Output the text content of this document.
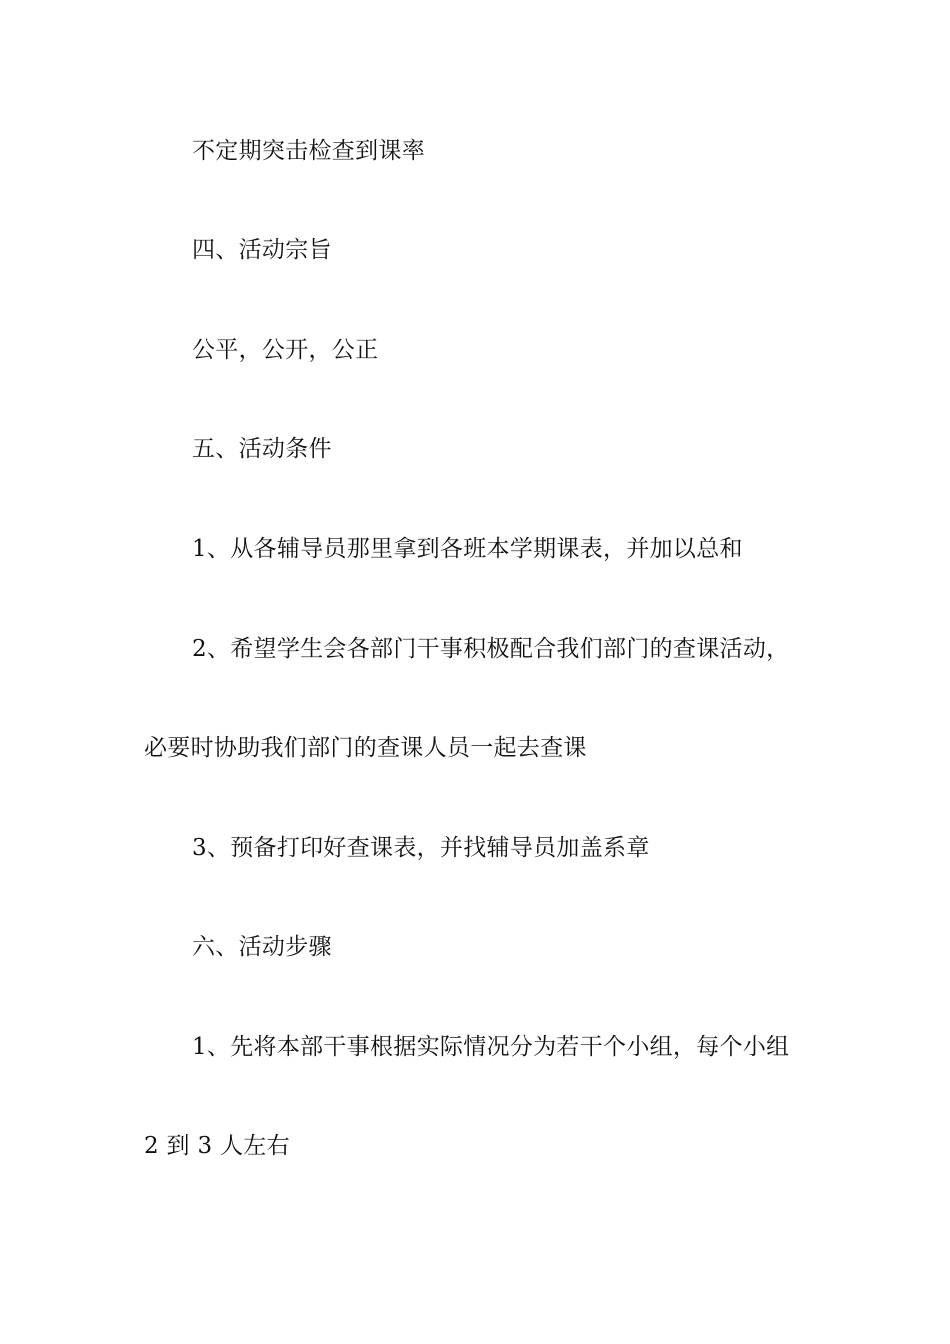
不定期突击检查到课率
四、活动宗旨
公平，公开，公正
五、活动条件
1、从各辅导员那里拿到各班本学期课表，并加以总和
2、希望学生会各部门干事积极配合我们部门的查课活动，
必要时协助我们部门的查课人员一起去查课
3、预备打印好查课表，并找辅导员加盖系章
六、活动步骤
1、先将本部干事根据实际情况分为若干个小组，每个小组
2 到 3 人左右
